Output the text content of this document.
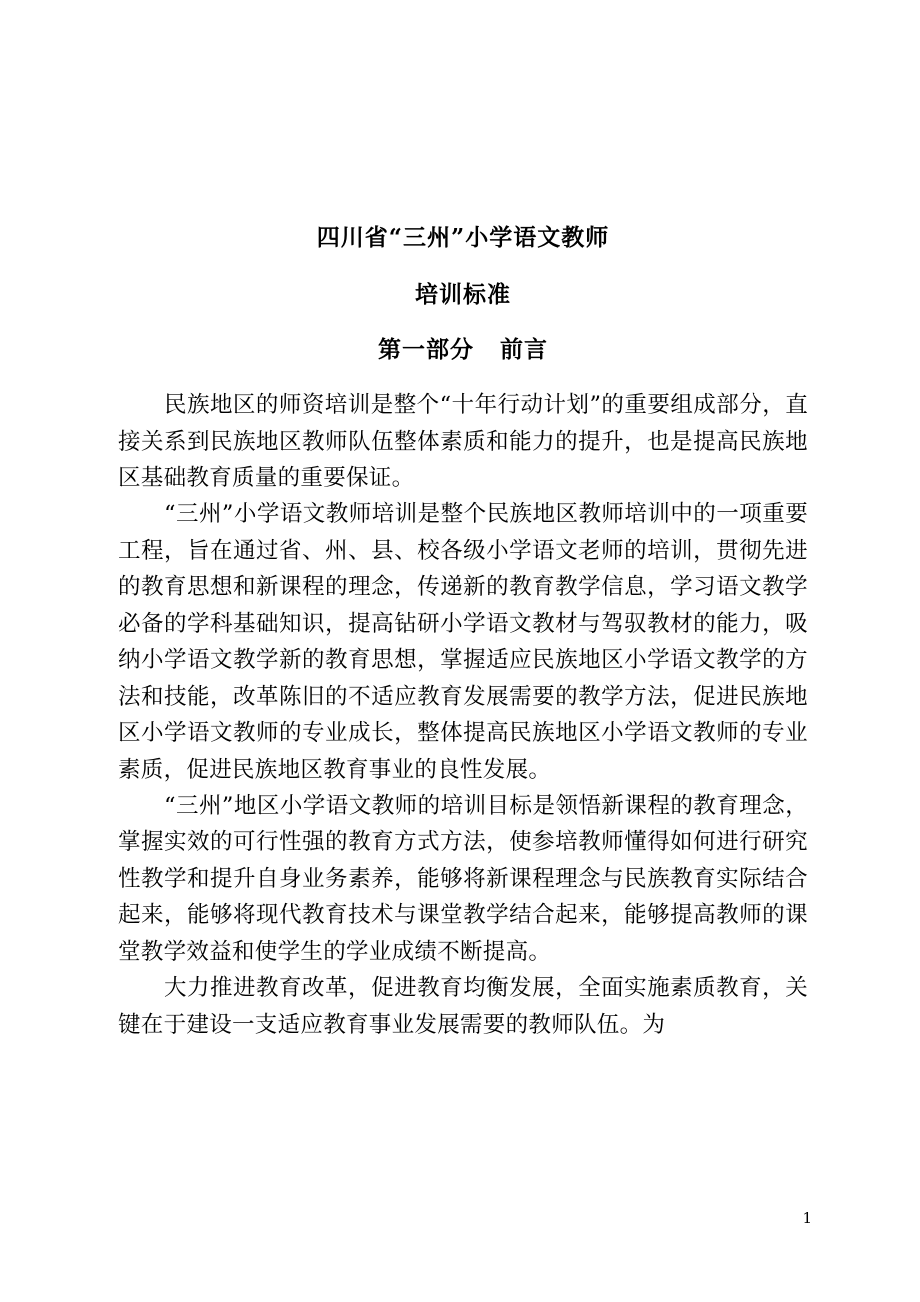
四川省“三州”小学语文教师
培训标准
第一部分 前言

民族地区的师资培训是整个“十年行动计划”的重要组成部分，直接关系到民族地区教师队伍整体素质和能力的提升，也是提高民族地区基础教育质量的重要保证。

“三州”小学语文教师培训是整个民族地区教师培训中的一项重要工程，旨在通过省、州、县、校各级小学语文老师的培训，贯彻先进的教育思想和新课程的理念，传递新的教育教学信息，学习语文教学必备的学科基础知识，提高钻研小学语文教材与驾驭教材的能力，吸纳小学语文教学新的教育思想，掌握适应民族地区小学语文教学的方法和技能，改革陈旧的不适应教育发展需要的教学方法，促进民族地区小学语文教师的专业成长，整体提高民族地区小学语文教师的专业素质，促进民族地区教育事业的良性发展。

“三州”地区小学语文教师的培训目标是领悟新课程的教育理念，掌握实效的可行性强的教育方式方法，使参培教师懂得如何进行研究性教学和提升自身业务素养，能够将新课程理念与民族教育实际结合起来，能够将现代教育技术与课堂教学结合起来，能够提高教师的课堂教学效益和使学生的学业成绩不断提高。

大力推进教育改革，促进教育均衡发展，全面实施素质教育，关键在于建设一支适应教育事业发展需要的教师队伍。为

1
